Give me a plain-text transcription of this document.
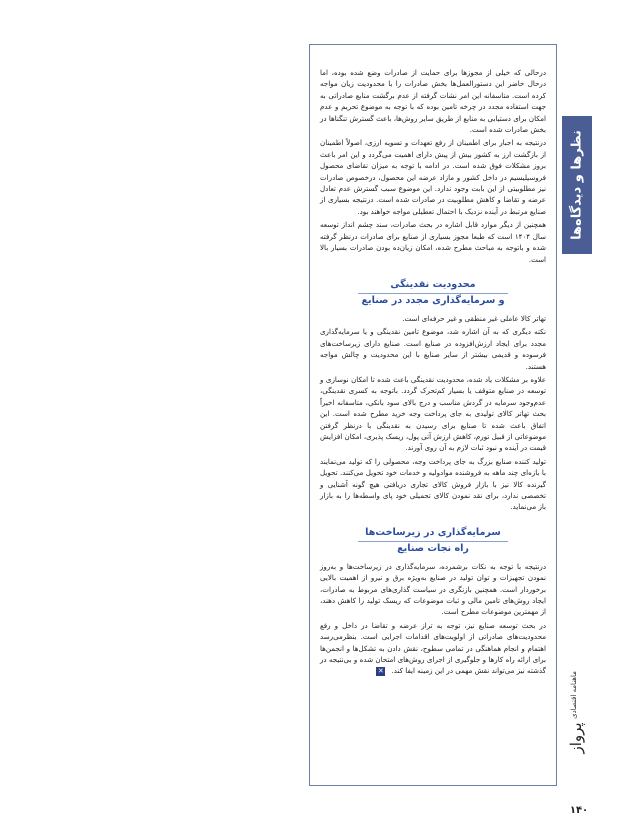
درحالی که خیلی از مجوزها برای حمایت از صادرات وضع شده بوده، اما درحال حاضر این دستورالعمل‌ها بخش صادرات را با محدودیت زیان مواجه کرده است. متاسفانه این امر نشات گرفته از عدم برگشت منابع صادراتی به جهت استفاده مجدد در چرخه تامین بوده که با توجه به موضوع تحریم و عدم امکان برای دستیابی به منابع از طریق سایر روش‌ها، باعث گسترش تنگناها در بخش صادرات شده است.

درنتیجه به اجبار برای اطمینان از رفع تعهدات و تسویه ارزی، اصولاً اطمینان از بازگشت ارز به کشور بیش از پیش دارای اهمیت می‌گردد و این امر باعث بروز مشکلات فوق شده است. در ادامه با توجه به میزان تقاضای محصول فروسیلیسیم در داخل کشور و مازاد عرضه این محصول، درخصوص صادرات نیز مطلوبیتی از این بابت وجود ندارد. این موضوع سبب گسترش عدم تعادل عرضه و تقاضا و کاهش مطلوبیت در صادرات شده است. درنتیجه بسیاری از صنایع مرتبط در آینده نزدیک با احتمال تعطیلی مواجه خواهند بود.

همچنین از دیگر موارد قابل اشاره در بحث صادرات، سند چشم انداز توسعه سال ۱۴۰۴ است که طبعا مجوز بسیاری از صنایع برای صادرات درنظر گرفته شده و باتوجه به مباحث مطرح شده، امکان زیان‌ده بودن صادرات بسیار بالا است.

محدودیت نقدینگی
و سرمایه‌گذاری مجدد در صنایع

تهاتر کالا عاملی غیر منطقی و غیر حرفه‌ای است.

نکته دیگری که به آن اشاره شد، موضوع تامین نقدینگی و یا سرمایه‌گذاری مجدد برای ایجاد ارزش‌افزوده در صنایع است. صنایع دارای زیرساخت‌های فرسوده و قدیمی بیشتر از سایر صنایع با این محدودیت و چالش مواجه هستند.

علاوه بر مشکلات یاد شده، محدودیت نقدینگی باعث شده تا امکان نوسازی و توسعه در صنایع متوقف یا بسیار کم‌تحرک گردد. باتوجه به کسری نقدینگی، عدم‌وجود سرمایه در گردش مناسب و درج بالای سود بانکی، متاسفانه اخیراً بحث تهاتر کالای تولیدی به جای پرداخت وجه خرید مطرح شده است. این اتفاق باعث شده تا صنایع برای رسیدن به نقدینگی با درنظر گرفتن موضوعاتی از قبیل تورم، کاهش ارزش آتی پول، ریسک پذیری، امکان افزایش قیمت در آینده و نبود ثبات لازم به آن روی آورند.

تولید کننده صنایع بزرگ به جای پرداخت وجه، محصولی را که تولید می‌نمایند با بازه‌ای چند ماهه به فروشنده موادولیه و خدمات خود تحویل می‌کنند. تحویل گیرنده کالا نیز با بازار فروش کالای تجاری دریافتی هیچ گونه آشنایی و تخصصی ندارد، برای نقد نمودن کالای تحمیلی خود پای واسطه‌ها را به بازار باز می‌نماید.

سرمایه‌گذاری در زیرساخت‌ها
راه نجات صنایع

درنتیجه با توجه به نکات برشمرده، سرمایه‌گذاری در زیرساخت‌ها و به‌روز نمودن تجهیزات و توان تولید در صنایع به‌ویژه برق و نیرو از اهمیت بالایی برخوردار است. همچنین بازنگری در سیاست گذاری‌های مربوط به صادرات، ایجاد روش‌های تامین مالی و ثبات موضوعات که ریسک تولید را کاهش دهند، از مهمترین موضوعات مطرح است.

در بحث توسعه صنایع نیز، توجه به تراز عرضه و تقاضا در داخل و رفع محدودیت‌های صادراتی از اولویت‌های اقدامات اجرایی است. بنظرمی‌رسد اهتمام و انجام هماهنگی در تمامی سطوح، نقش دادن به تشکل‌ها و انجمن‌ها برای ارائه راه کارها و جلوگیری از اجرای روش‌های امتحان شده و بی‌نتیجه در گذشته نیز می‌تواند نقش مهمی در این زمینه ایفا کند. ✕

نظرها و دیدگاه‌ها
ماهنامه اقتصادی
پرواز
۱۴۰
